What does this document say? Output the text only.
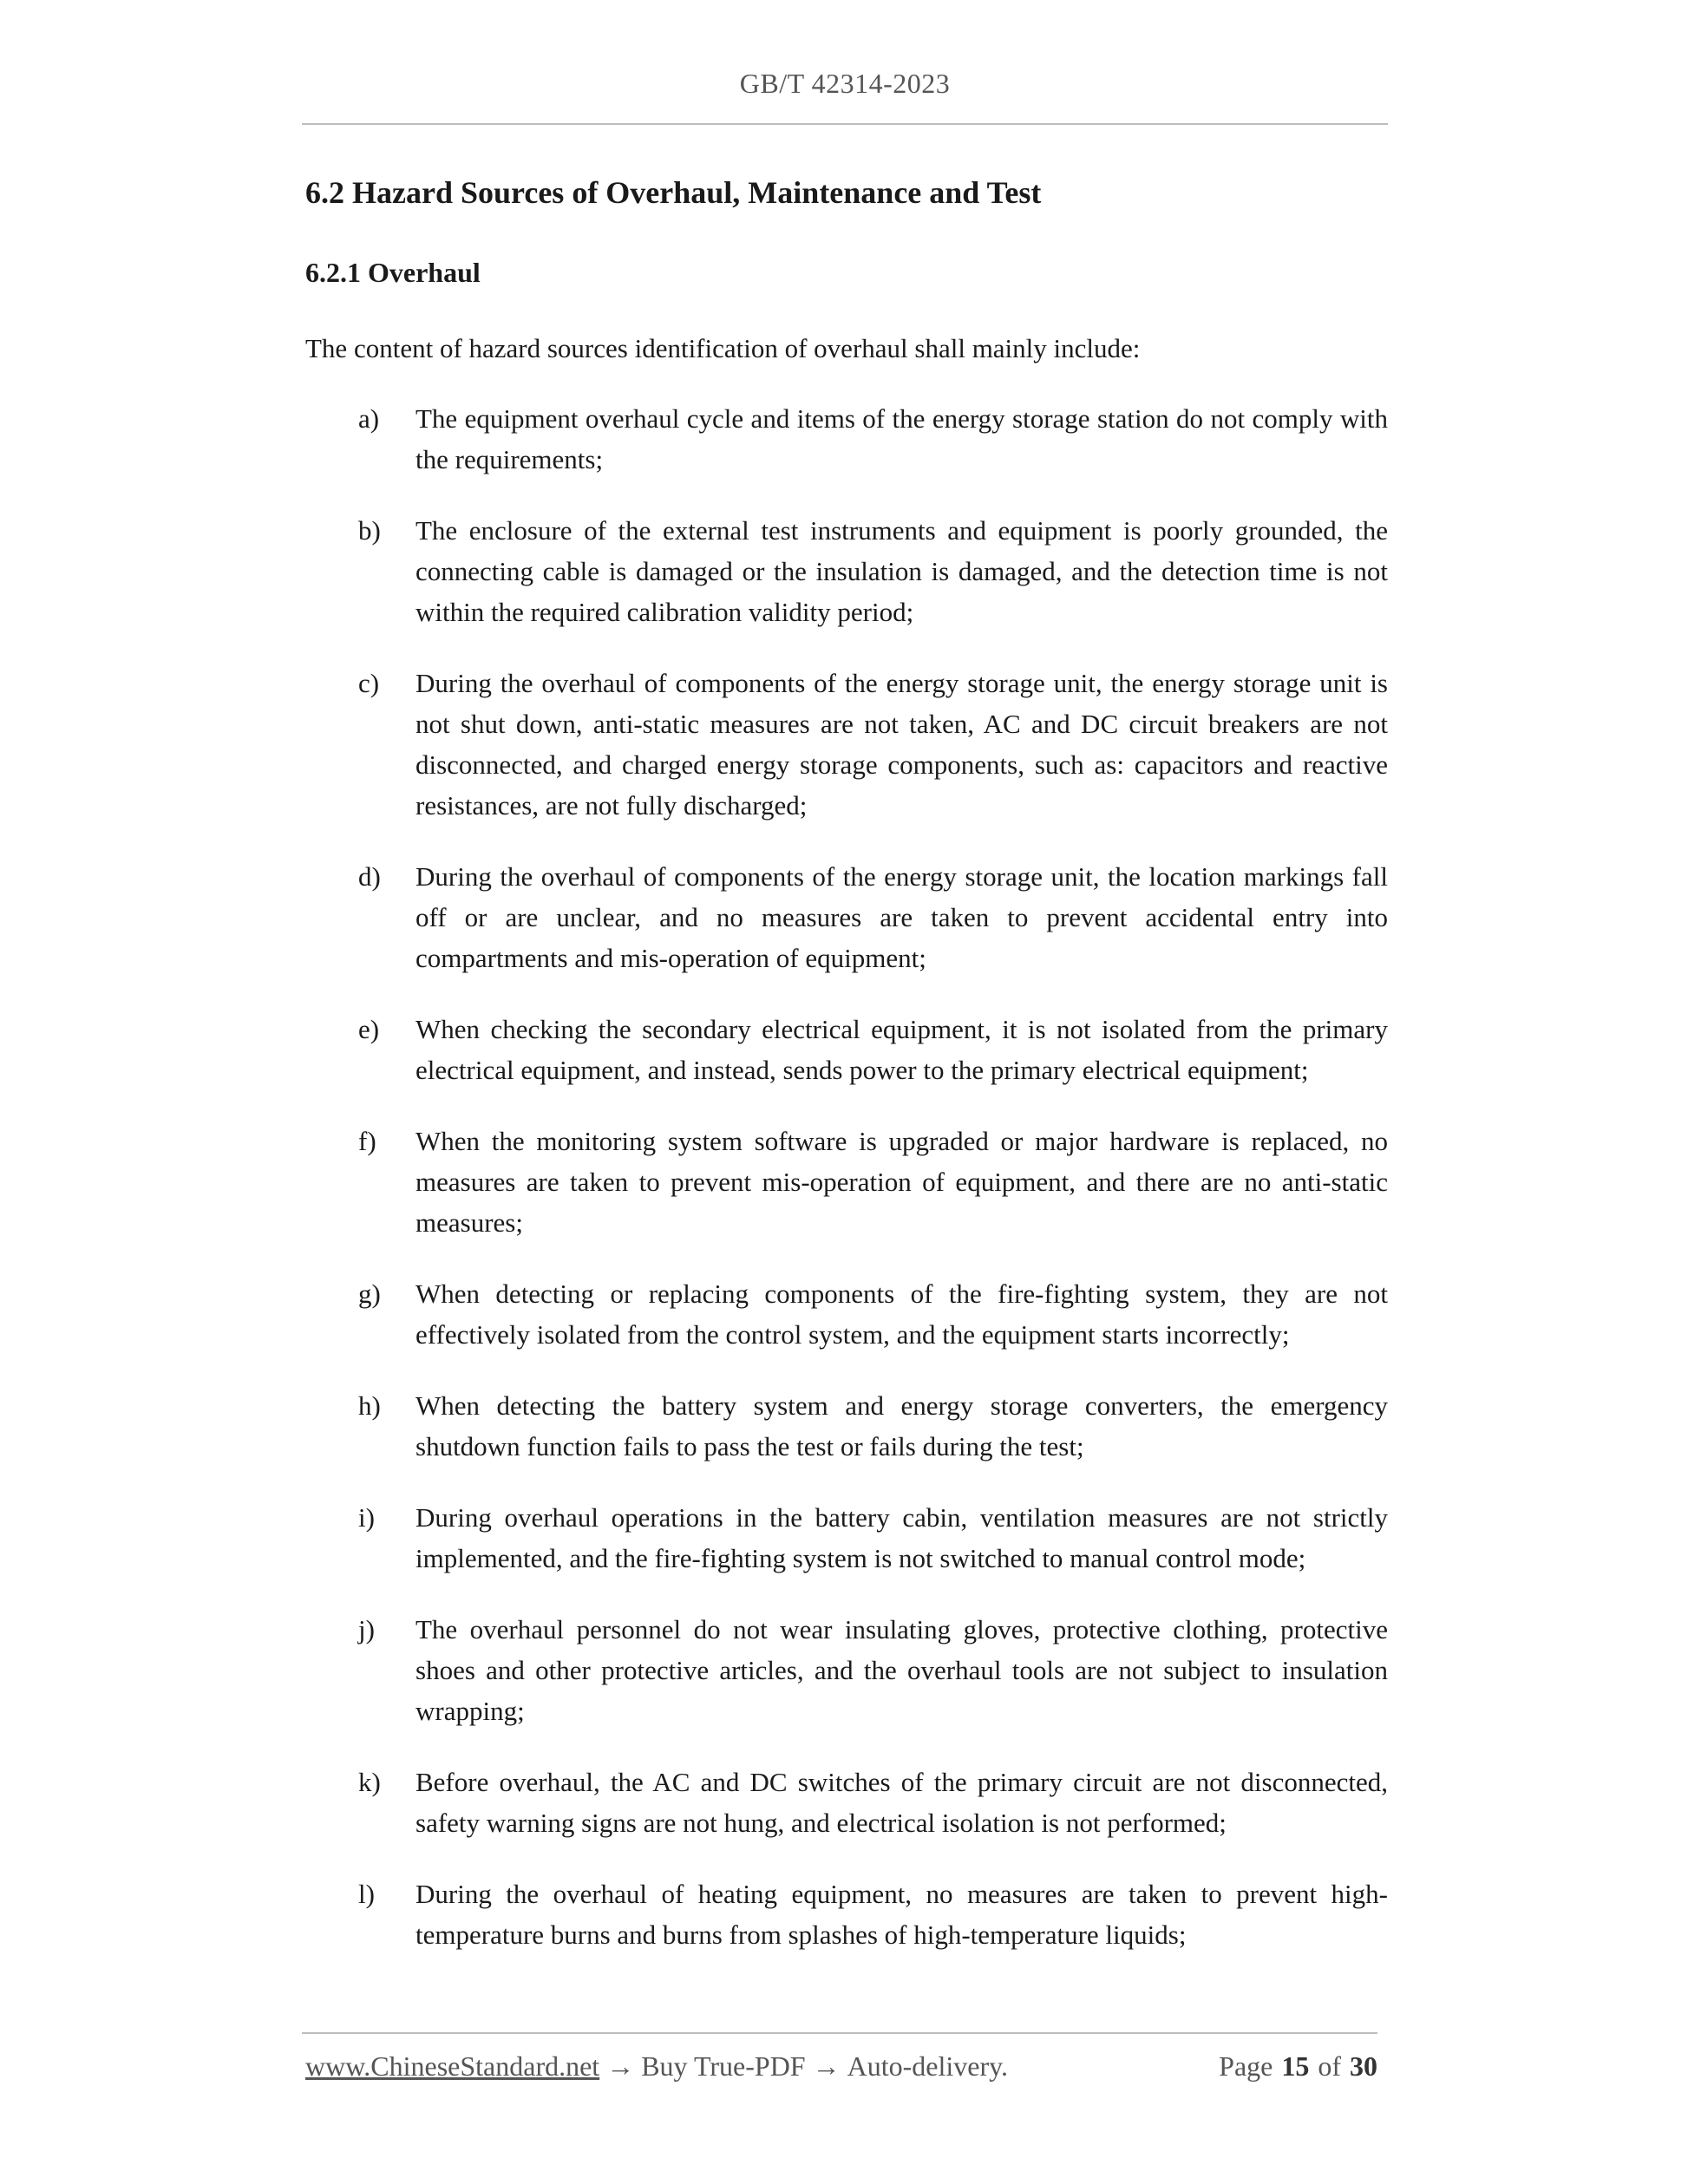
GB/T 42314-2023
6.2 Hazard Sources of Overhaul, Maintenance and Test
6.2.1 Overhaul

The content of hazard sources identification of overhaul shall mainly include:

a) The equipment overhaul cycle and items of the energy storage station do not comply with the requirements;
b) The enclosure of the external test instruments and equipment is poorly grounded, the connecting cable is damaged or the insulation is damaged, and the detection time is not within the required calibration validity period;
c) During the overhaul of components of the energy storage unit, the energy storage unit is not shut down, anti-static measures are not taken, AC and DC circuit breakers are not disconnected, and charged energy storage components, such as: capacitors and reactive resistances, are not fully discharged;
d) During the overhaul of components of the energy storage unit, the location markings fall off or are unclear, and no measures are taken to prevent accidental entry into compartments and mis-operation of equipment;
e) When checking the secondary electrical equipment, it is not isolated from the primary electrical equipment, and instead, sends power to the primary electrical equipment;
f) When the monitoring system software is upgraded or major hardware is replaced, no measures are taken to prevent mis-operation of equipment, and there are no anti-static measures;
g) When detecting or replacing components of the fire-fighting system, they are not effectively isolated from the control system, and the equipment starts incorrectly;
h) When detecting the battery system and energy storage converters, the emergency shutdown function fails to pass the test or fails during the test;
i) During overhaul operations in the battery cabin, ventilation measures are not strictly implemented, and the fire-fighting system is not switched to manual control mode;
j) The overhaul personnel do not wear insulating gloves, protective clothing, protective shoes and other protective articles, and the overhaul tools are not subject to insulation wrapping;
k) Before overhaul, the AC and DC switches of the primary circuit are not disconnected, safety warning signs are not hung, and electrical isolation is not performed;
l) During the overhaul of heating equipment, no measures are taken to prevent high-temperature burns and burns from splashes of high-temperature liquids;
www.ChineseStandard.net → Buy True-PDF → Auto-delivery.	Page 15 of 30
